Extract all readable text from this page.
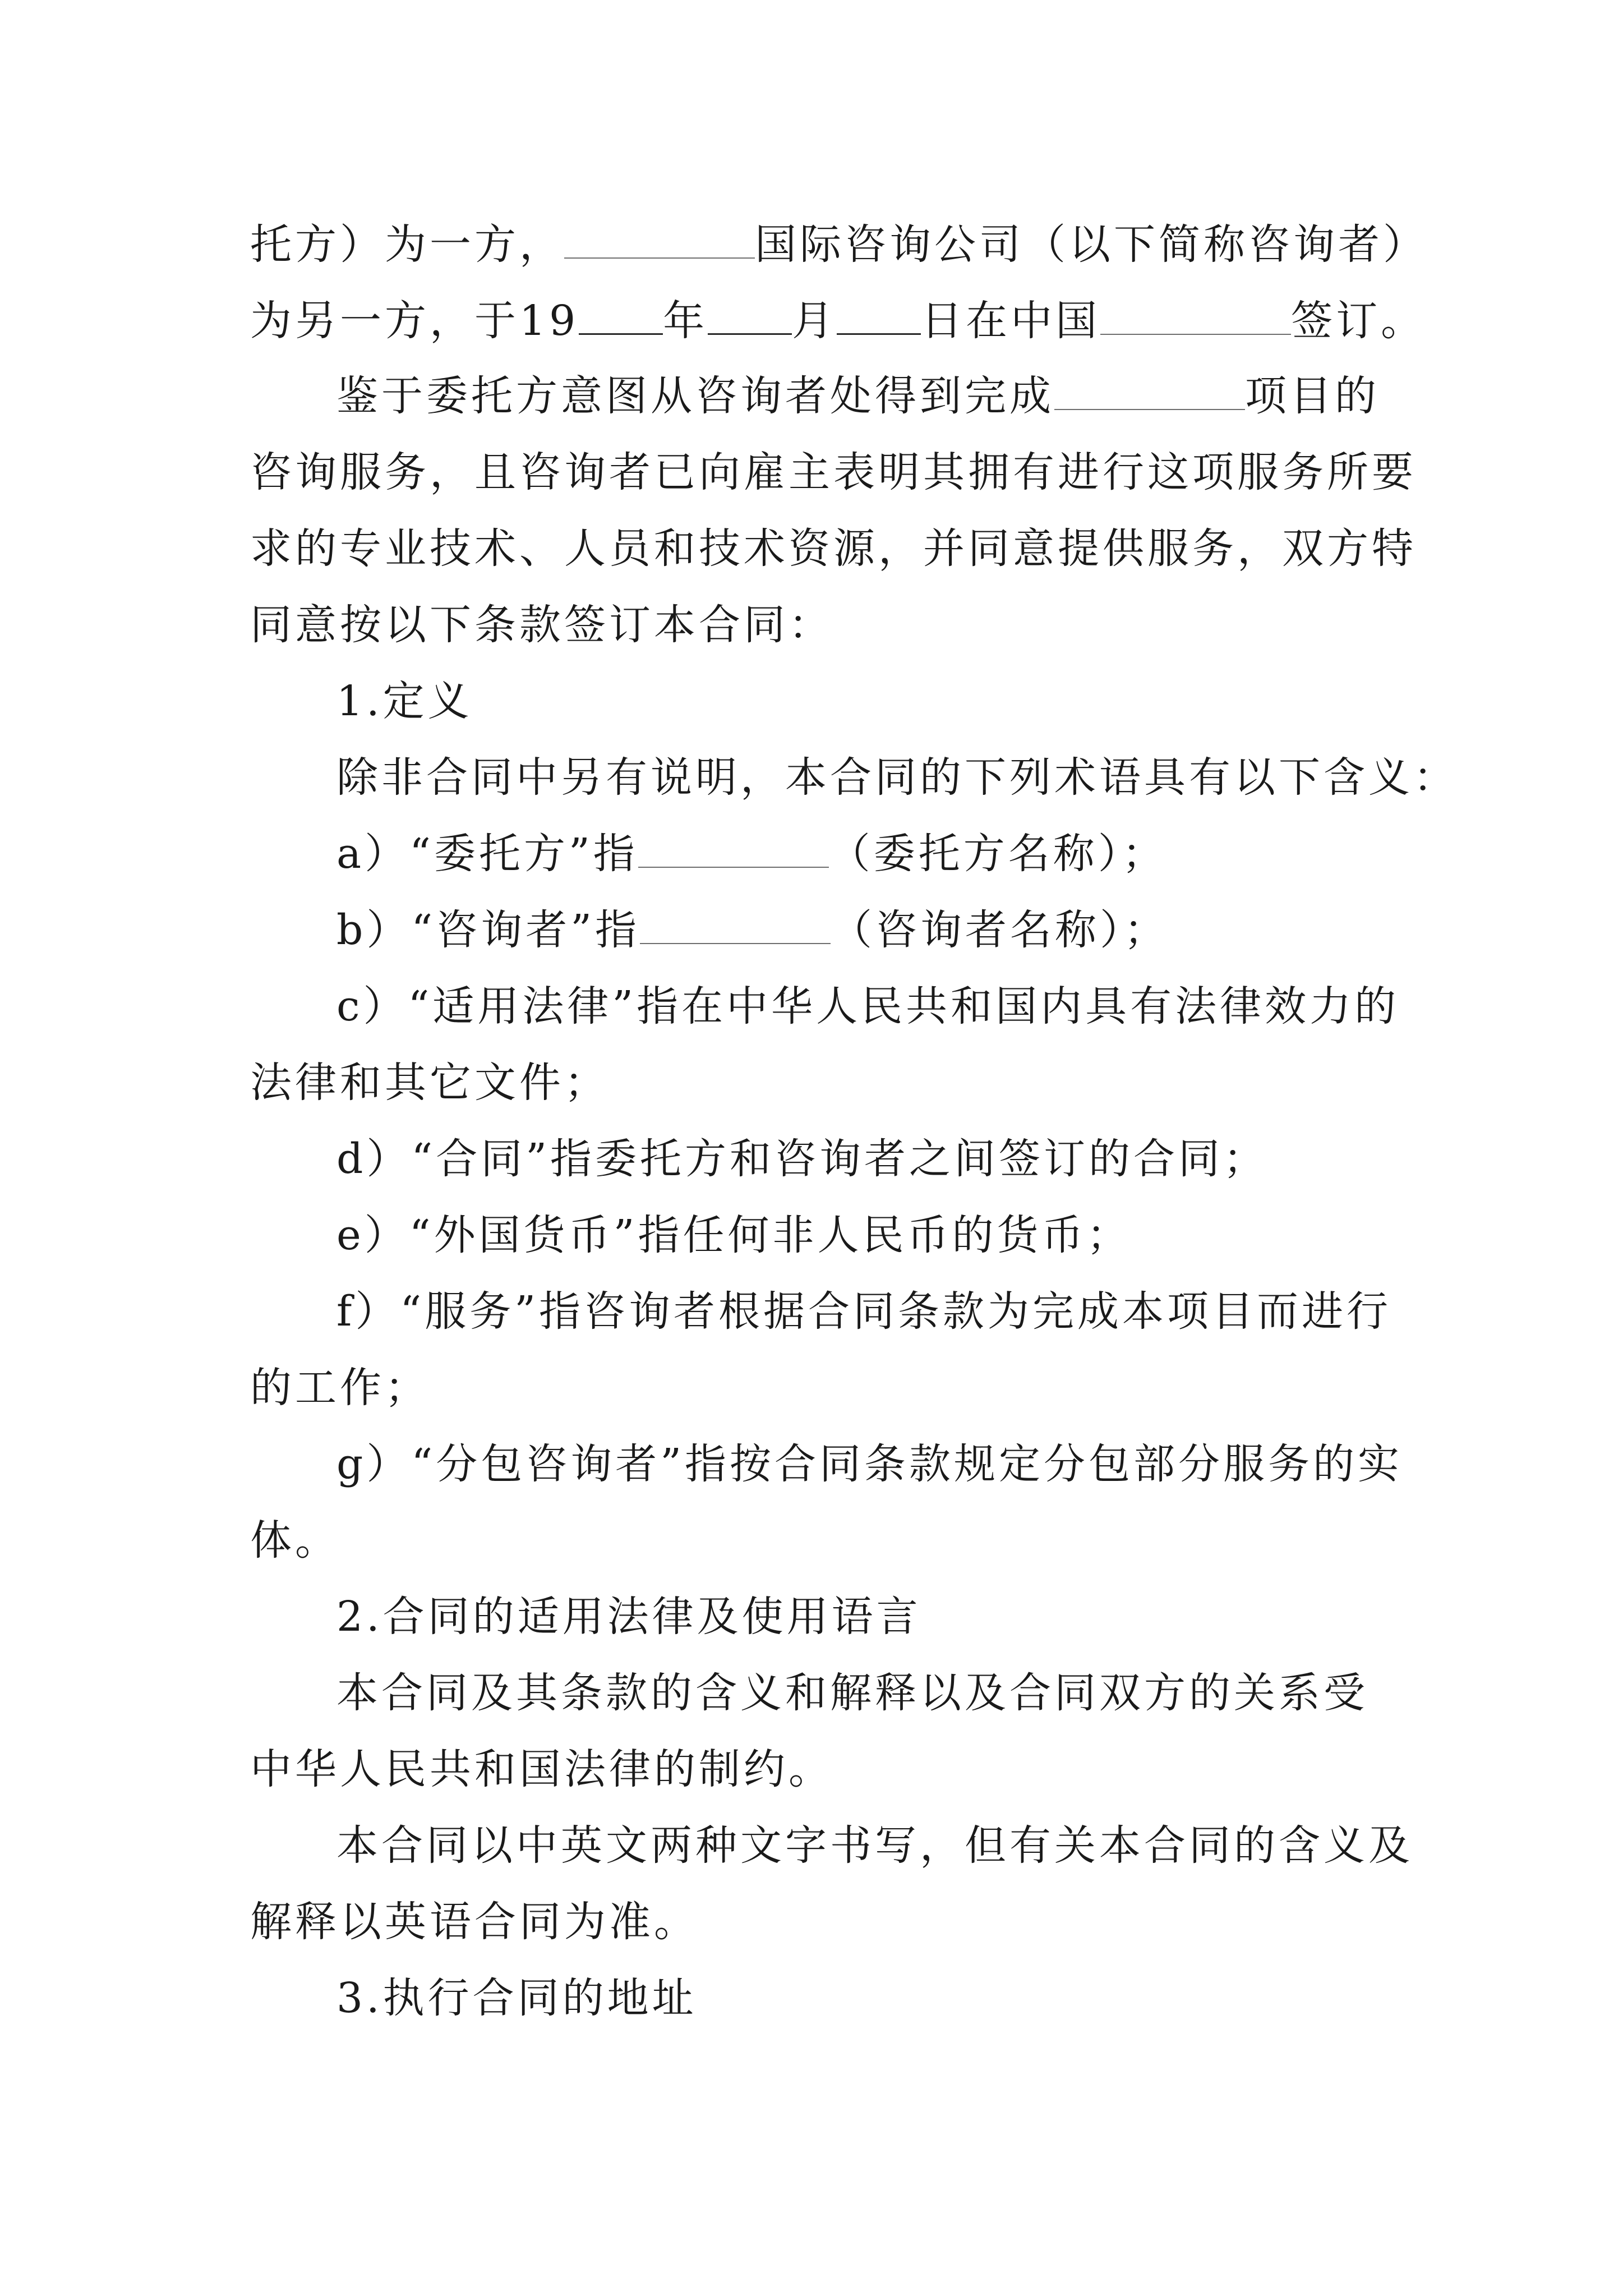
托方）为一方，	国际咨询公司（以下简称咨询者）
为另一方，于19 年 月 日在中国	签订。
鉴于委托方意图从咨询者处得到完成	项目的
咨询服务，且咨询者已向雇主表明其拥有进行这项服务所要
求的专业技术、人员和技术资源，并同意提供服务，双方特
同意按以下条款签订本合同：
1.定义
除非合同中另有说明，本合同的下列术语具有以下含义：
a）“委托方”指	（委托方名称）；
b）“咨询者”指	（咨询者名称）；
c）“适用法律”指在中华人民共和国内具有法律效力的
法律和其它文件；
d）“合同”指委托方和咨询者之间签订的合同；
e）“外国货币”指任何非人民币的货币；
f）“服务”指咨询者根据合同条款为完成本项目而进行
的工作；
g）“分包咨询者”指按合同条款规定分包部分服务的实
体。
2.合同的适用法律及使用语言
本合同及其条款的含义和解释以及合同双方的关系受
中华人民共和国法律的制约。
本合同以中英文两种文字书写，但有关本合同的含义及
解释以英语合同为准。
3.执行合同的地址
